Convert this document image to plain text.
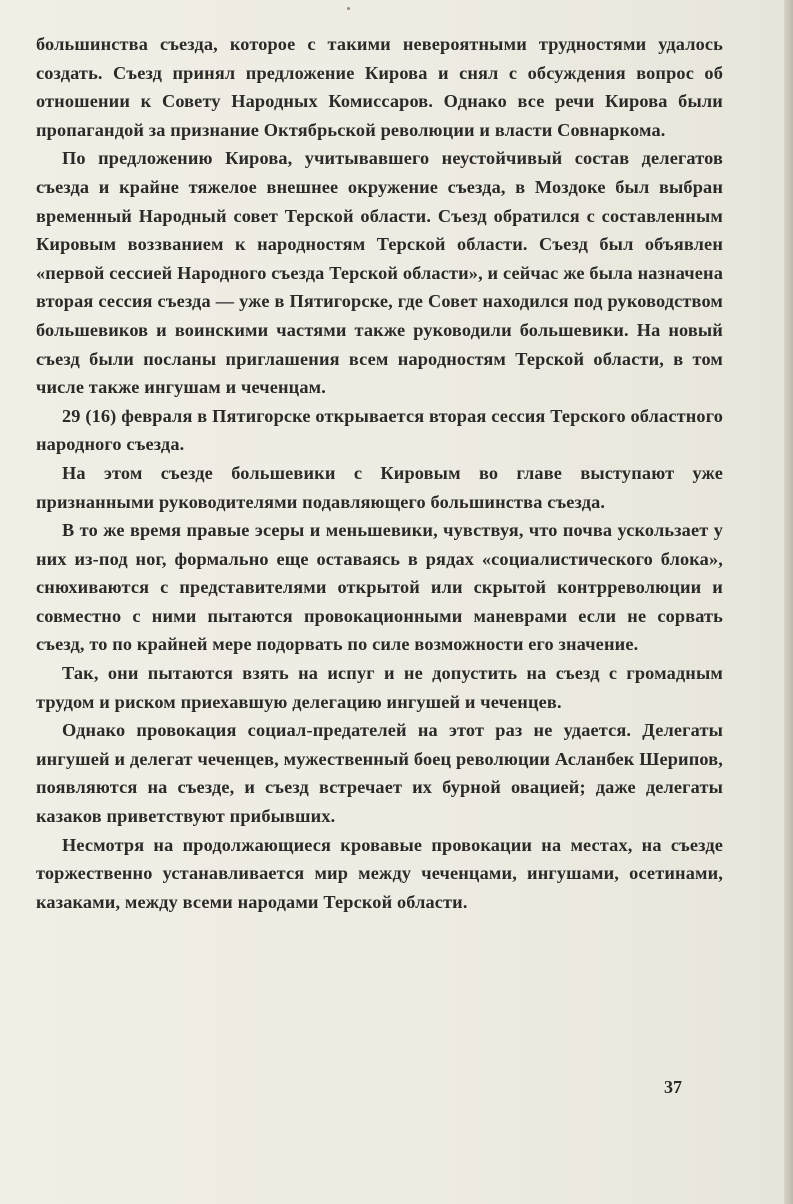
большинства съезда, которое с такими невероятными трудностями удалось создать. Съезд принял предложение Кирова и снял с обсуждения вопрос об отношении к Совету Народных Комиссаров. Однако все речи Кирова были пропагандой за признание Октябрьской революции и власти Совнаркома.

По предложению Кирова, учитывавшего неустойчивый состав делегатов съезда и крайне тяжелое внешнее окружение съезда, в Моздоке был выбран временный Народный совет Терской области. Съезд обратился с составленным Кировым воззванием к народностям Терской области. Съезд был объявлен «первой сессией Народного съезда Терской области», и сейчас же была назначена вторая сессия съезда — уже в Пятигорске, где Совет находился под руководством большевиков и воинскими частями также руководили большевики. На новый съезд были посланы приглашения всем народностям Терской области, в том числе также ингушам и чеченцам.

29 (16) февраля в Пятигорске открывается вторая сессия Терского областного народного съезда.

На этом съезде большевики с Кировым во главе выступают уже признанными руководителями подавляющего большинства съезда.

В то же время правые эсеры и меньшевики, чувствуя, что почва ускользает у них из-под ног, формально еще оставаясь в рядах «социалистического блока», снюхиваются с представителями открытой или скрытой контрреволюции и совместно с ними пытаются провокационными маневрами если не сорвать съезд, то по крайней мере подорвать по силе возможности его значение.

Так, они пытаются взять на испуг и не допустить на съезд с громадным трудом и риском приехавшую делегацию ингушей и чеченцев.

Однако провокация социал-предателей на этот раз не удается. Делегаты ингушей и делегат чеченцев, мужественный боец революции Асланбек Шерипов, появляются на съезде, и съезд встречает их бурной овацией; даже делегаты казаков приветствуют прибывших.

Несмотря на продолжающиеся кровавые провокации на местах, на съезде торжественно устанавливается мир между чеченцами, ингушами, осетинами, казаками, между всеми народами Терской области.

37
